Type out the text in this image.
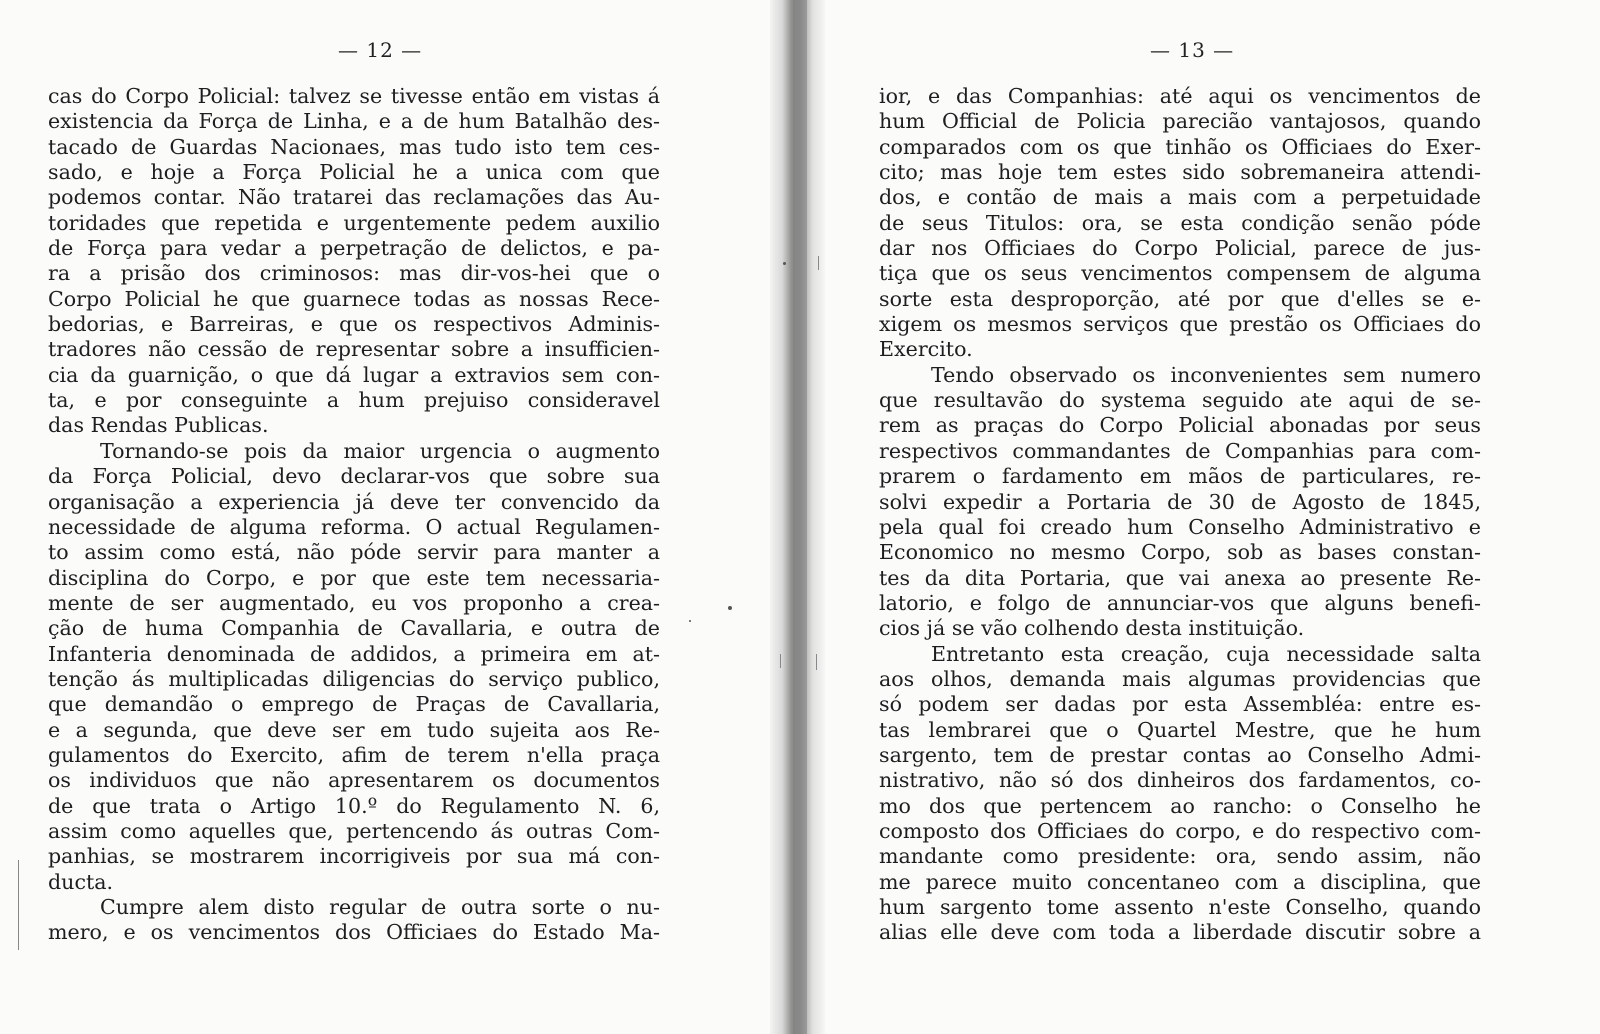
— 12 —
cas do Corpo Policial: talvez se tivesse então em vistas á
existencia da Força de Linha, e a de hum Batalhão des-
tacado de Guardas Nacionaes, mas tudo isto tem ces-
sado, e hoje a Força Policial he a unica com que
podemos contar. Não tratarei das reclamações das Au-
toridades que repetida e urgentemente pedem auxilio
de Força para vedar a perpetração de delictos, e pa-
ra a prisão dos criminosos: mas dir-vos-hei que o
Corpo Policial he que guarnece todas as nossas Rece-
bedorias, e Barreiras, e que os respectivos Adminis-
tradores não cessão de representar sobre a insufficien-
cia da guarnição, o que dá lugar a extravios sem con-
ta, e por conseguinte a hum prejuiso consideravel
das Rendas Publicas.
Tornando-se pois da maior urgencia o augmento
da Força Policial, devo declarar-vos que sobre sua
organisação a experiencia já deve ter convencido da
necessidade de alguma reforma. O actual Regulamen-
to assim como está, não póde servir para manter a
disciplina do Corpo, e por que este tem necessaria-
mente de ser augmentado, eu vos proponho a crea-
ção de huma Companhia de Cavallaria, e outra de
Infanteria denominada de addidos, a primeira em at-
tenção ás multiplicadas diligencias do serviço publico,
que demandão o emprego de Praças de Cavallaria,
e a segunda, que deve ser em tudo sujeita aos Re-
gulamentos do Exercito, afim de terem n'ella praça
os individuos que não apresentarem os documentos
de que trata o Artigo 10.º do Regulamento N. 6,
assim como aquelles que, pertencendo ás outras Com-
panhias, se mostrarem incorrigiveis por sua má con-
ducta.
Cumpre alem disto regular de outra sorte o nu-
mero, e os vencimentos dos Officiaes do Estado Ma-
— 13 —
ior, e das Companhias: até aqui os vencimentos de
hum Official de Policia parecião vantajosos, quando
comparados com os que tinhão os Officiaes do Exer-
cito; mas hoje tem estes sido sobremaneira attendi-
dos, e contão de mais a mais com a perpetuidade
de seus Titulos: ora, se esta condição senão póde
dar nos Officiaes do Corpo Policial, parece de jus-
tiça que os seus vencimentos compensem de alguma
sorte esta desproporção, até por que d'elles se e-
xigem os mesmos serviços que prestão os Officiaes do
Exercito.
Tendo observado os inconvenientes sem numero
que resultavão do systema seguido ate aqui de se-
rem as praças do Corpo Policial abonadas por seus
respectivos commandantes de Companhias para com-
prarem o fardamento em mãos de particulares, re-
solvi expedir a Portaria de 30 de Agosto de 1845,
pela qual foi creado hum Conselho Administrativo e
Economico no mesmo Corpo, sob as bases constan-
tes da dita Portaria, que vai anexa ao presente Re-
latorio, e folgo de annunciar-vos que alguns benefi-
cios já se vão colhendo desta instituição.
Entretanto esta creação, cuja necessidade salta
aos olhos, demanda mais algumas providencias que
só podem ser dadas por esta Assembléa: entre es-
tas lembrarei que o Quartel Mestre, que he hum
sargento, tem de prestar contas ao Conselho Admi-
nistrativo, não só dos dinheiros dos fardamentos, co-
mo dos que pertencem ao rancho: o Conselho he
composto dos Officiaes do corpo, e do respectivo com-
mandante como presidente: ora, sendo assim, não
me parece muito concentaneo com a disciplina, que
hum sargento tome assento n'este Conselho, quando
alias elle deve com toda a liberdade discutir sobre a
